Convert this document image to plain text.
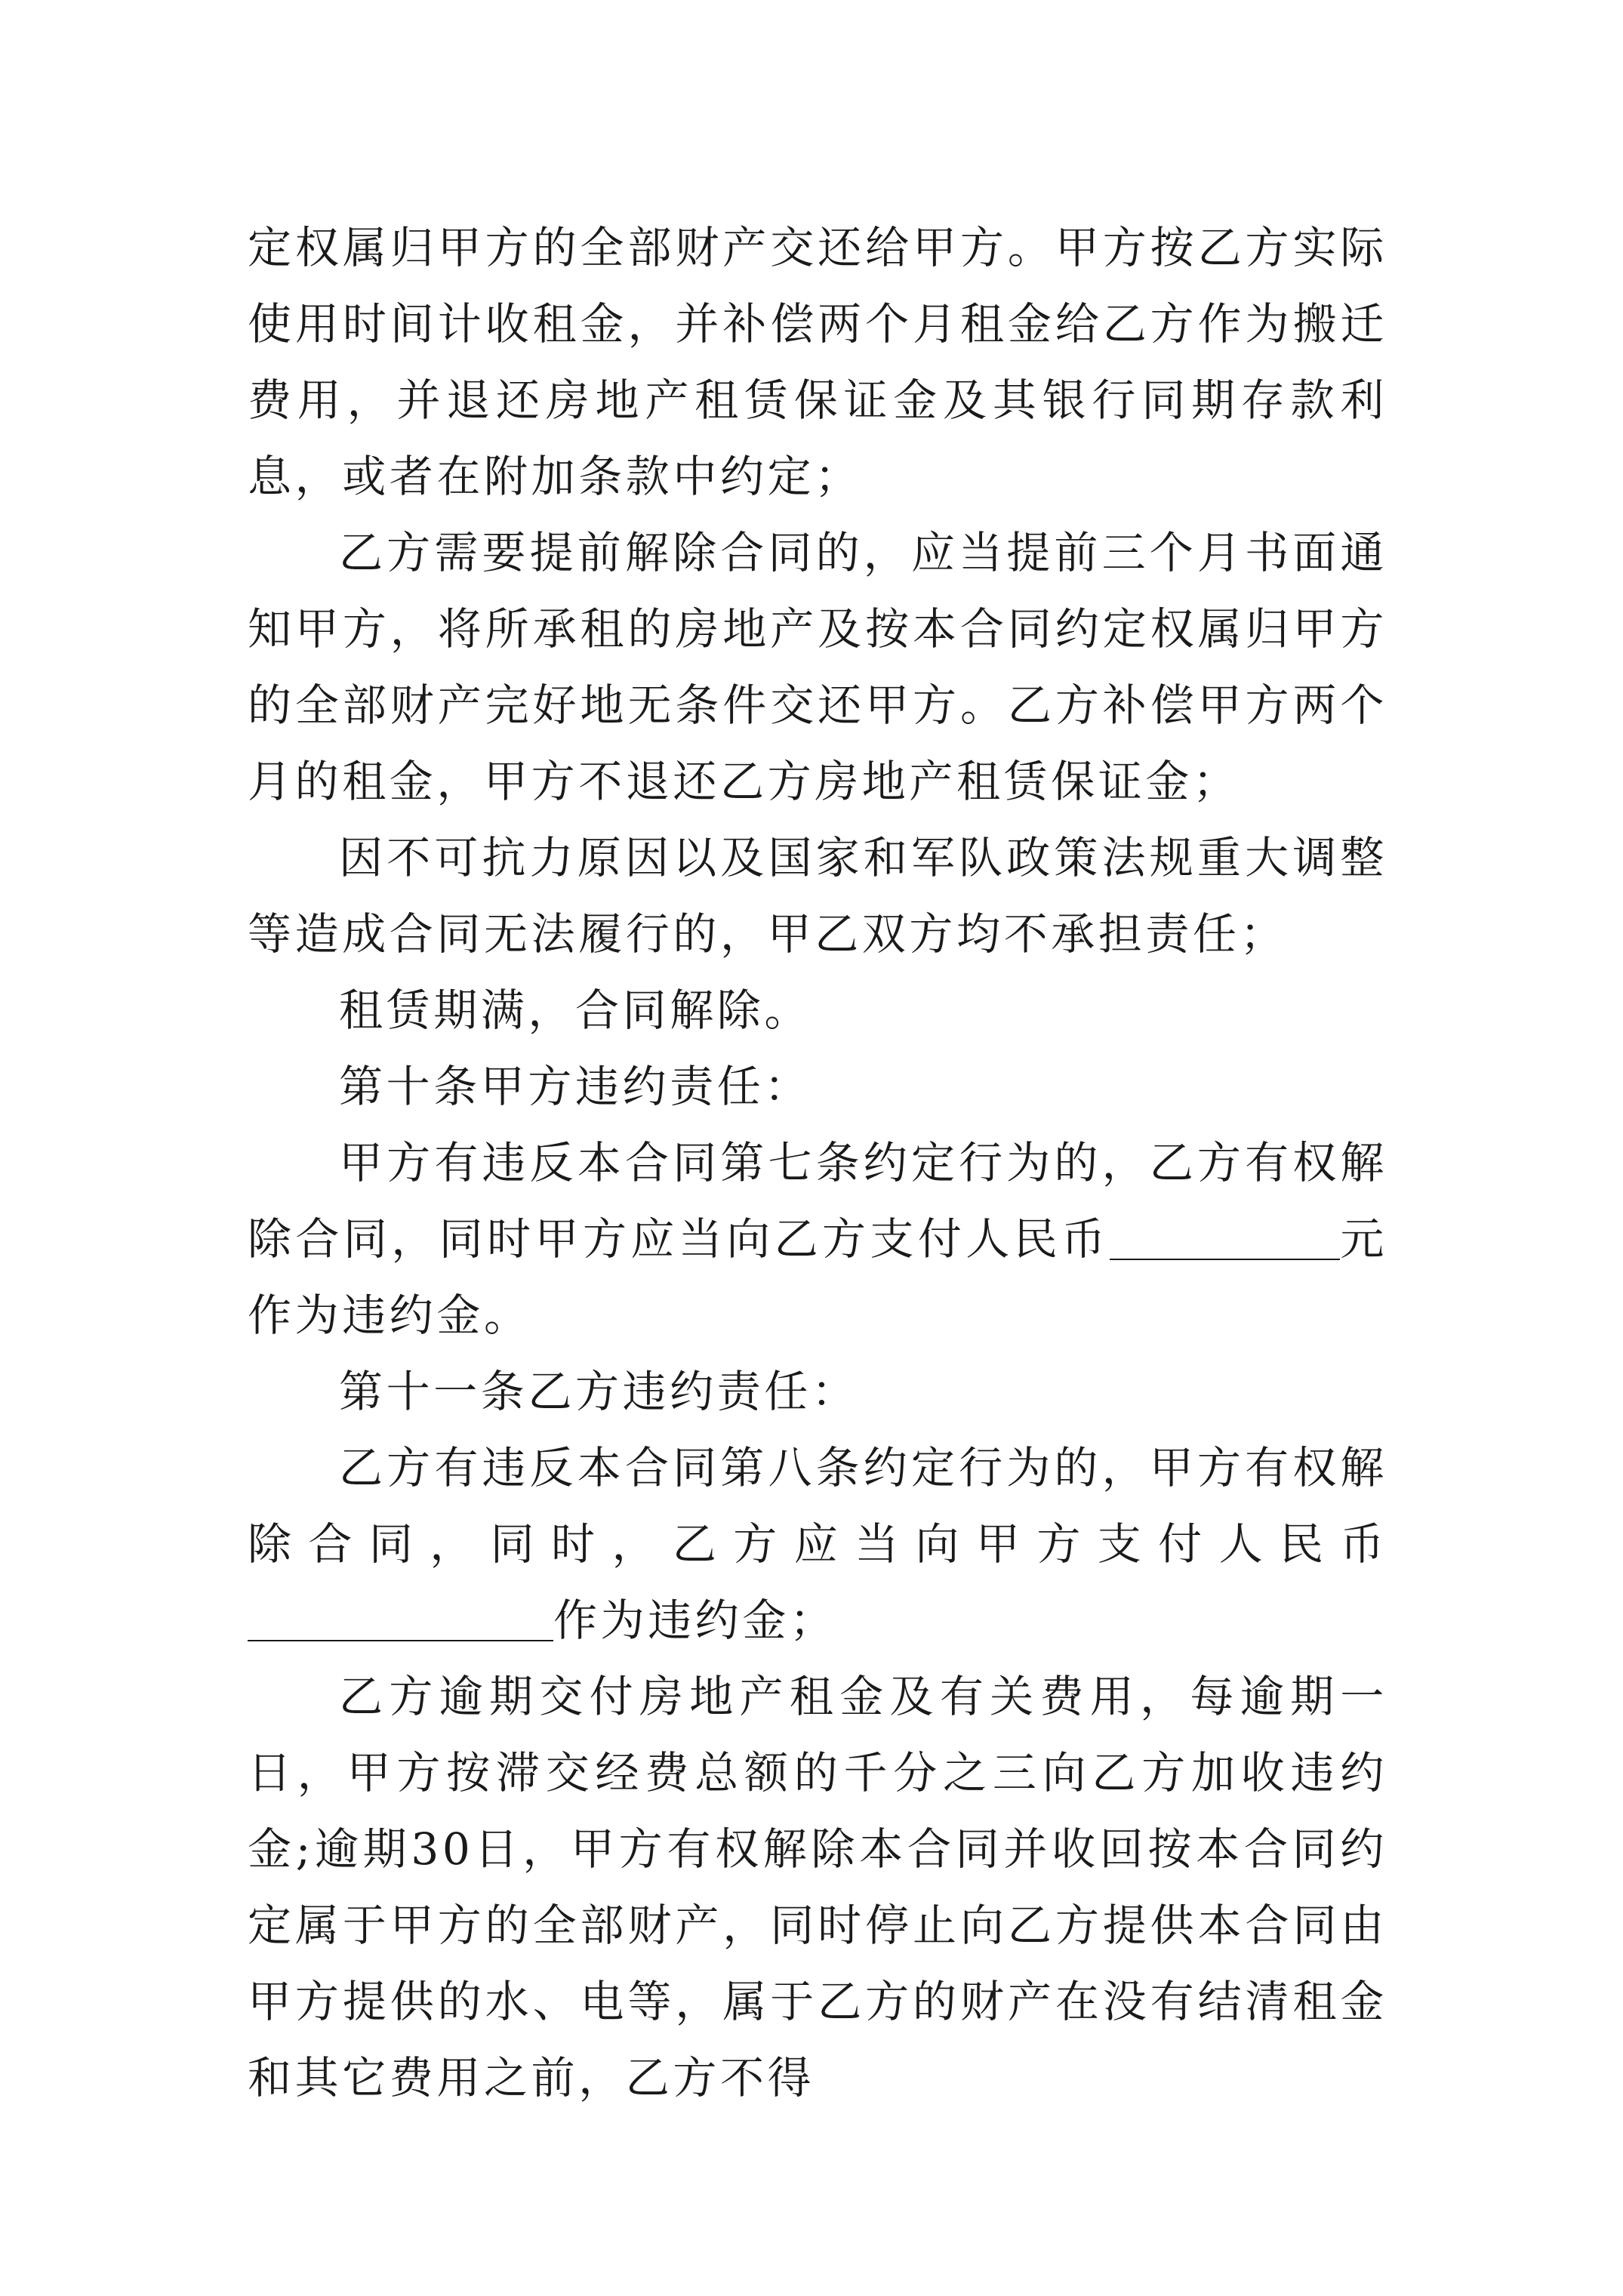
定权属归甲方的全部财产交还给甲方。甲方按乙方实际使用时间计收租金，并补偿两个月租金给乙方作为搬迁费用，并退还房地产租赁保证金及其银行同期存款利息，或者在附加条款中约定；

乙方需要提前解除合同的，应当提前三个月书面通知甲方，将所承租的房地产及按本合同约定权属归甲方的全部财产完好地无条件交还甲方。乙方补偿甲方两个月的租金，甲方不退还乙方房地产租赁保证金；

因不可抗力原因以及国家和军队政策法规重大调整等造成合同无法履行的，甲乙双方均不承担责任；

租赁期满，合同解除。

第十条甲方违约责任：

甲方有违反本合同第七条约定行为的，乙方有权解除合同，同时甲方应当向乙方支付人民币	元作为违约金。

第十一条乙方违约责任：

乙方有违反本合同第八条约定行为的，甲方有权解除合同，同时，乙方应当向甲方支付人民币作为违约金；

乙方逾期交付房地产租金及有关费用，每逾期一日，甲方按滞交经费总额的千分之三向乙方加收违约金;逾期30日，甲方有权解除本合同并收回按本合同约定属于甲方的全部财产，同时停止向乙方提供本合同由甲方提供的水、电等，属于乙方的财产在没有结清租金和其它费用之前，乙方不得
